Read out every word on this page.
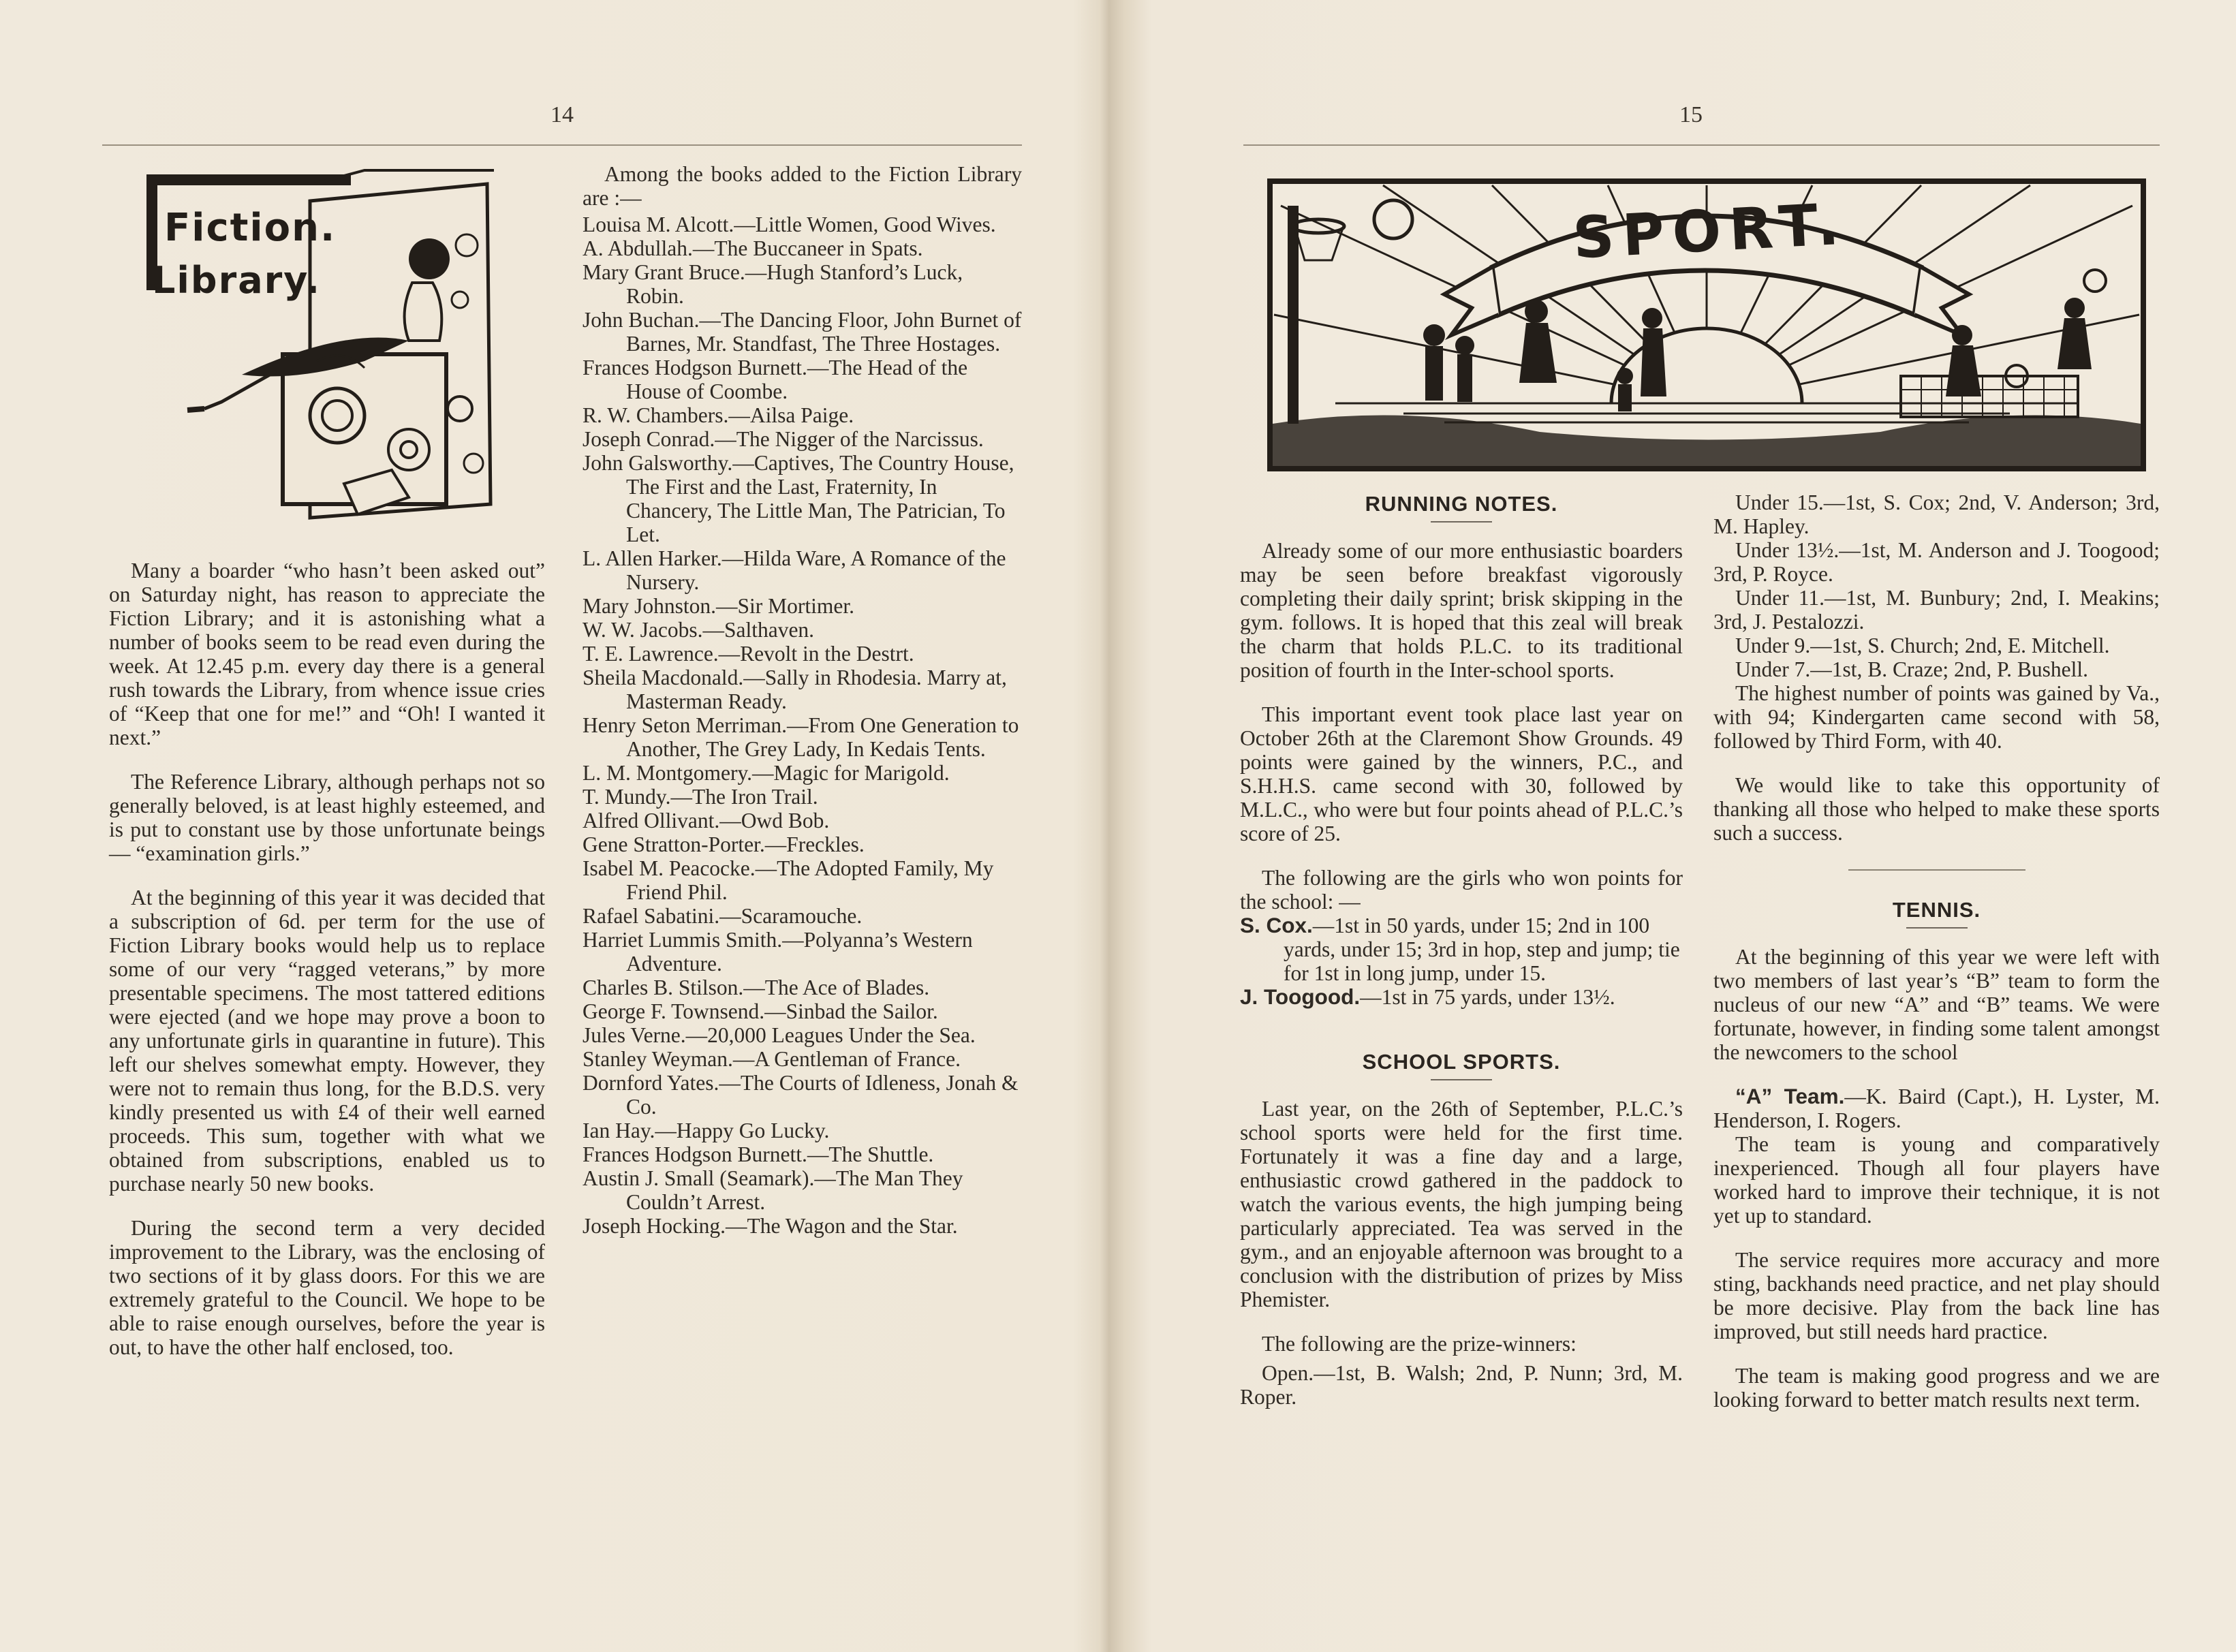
14
Fiction.
Library.

Many a boarder “who hasn’t been asked out” on Saturday night, has reason to appreciate the Fiction Library; and it is astonishing what a number of books seem to be read even during the week. At 12.45 p.m. every day there is a general rush towards the Library, from whence issue cries of “Keep that one for me!” and “Oh! I wanted it next.”

The Reference Library, although perhaps not so generally beloved, is at least highly esteemed, and is put to constant use by those unfortunate beings — “examination girls.”

At the beginning of this year it was decided that a subscription of 6d. per term for the use of Fiction Library books would help us to replace some of our very “ragged veterans,” by more presentable specimens. The most tattered editions were ejected (and we hope may prove a boon to any unfortunate girls in quarantine in future). This left our shelves somewhat empty. However, they were not to remain thus long, for the B.D.S. very kindly presented us with £4 of their well earned proceeds. This sum, together with what we obtained from subscriptions, enabled us to purchase nearly 50 new books.

During the second term a very decided improvement to the Library, was the enclosing of two sections of it by glass doors. For this we are extremely grateful to the Council. We hope to be able to raise enough ourselves, before the year is out, to have the other half enclosed, too.

Among the books added to the Fiction Library are :—

Louisa M. Alcott.—Little Women, Good Wives.
A. Abdullah.—The Buccaneer in Spats.
Mary Grant Bruce.—Hugh Stanford’s Luck, Robin.
John Buchan.—The Dancing Floor, John Burnet of Barnes, Mr. Standfast, The Three Hostages.
Frances Hodgson Burnett.—The Head of the House of Coombe.
R. W. Chambers.—Ailsa Paige.
Joseph Conrad.—The Nigger of the Narcissus.
John Galsworthy.—Captives, The Country House, The First and the Last, Fraternity, In Chancery, The Little Man, The Patrician, To Let.
L. Allen Harker.—Hilda Ware, A Romance of the Nursery.
Mary Johnston.—Sir Mortimer.
W. W. Jacobs.—Salthaven.
T. E. Lawrence.—Revolt in the Destrt.
Sheila Macdonald.—Sally in Rhodesia. Marry at, Masterman Ready.
Henry Seton Merriman.—From One Generation to Another, The Grey Lady, In Kedais Tents.
L. M. Montgomery.—Magic for Marigold.
T. Mundy.—The Iron Trail.
Alfred Ollivant.—Owd Bob.
Gene Stratton-Porter.—Freckles.
Isabel M. Peacocke.—The Adopted Family, My Friend Phil.
Rafael Sabatini.—Scaramouche.
Harriet Lummis Smith.—Polyanna’s Western Adventure.
Charles B. Stilson.—The Ace of Blades.
George F. Townsend.—Sinbad the Sailor.
Jules Verne.—20,000 Leagues Under the Sea.
Stanley Weyman.—A Gentleman of France.
Dornford Yates.—The Courts of Idleness, Jonah & Co.
Ian Hay.—Happy Go Lucky.
Frances Hodgson Burnett.—The Shuttle.
Austin J. Small (Seamark).—The Man They Couldn’t Arrest.
Joseph Hocking.—The Wagon and the Star.
15
SPORT.
RUNNING NOTES.

Already some of our more enthusiastic boarders may be seen before breakfast vigorously completing their daily sprint; brisk skipping in the gym. follows. It is hoped that this zeal will break the charm that holds P.L.C. to its traditional position of fourth in the Inter-school sports.

This important event took place last year on October 26th at the Claremont Show Grounds. 49 points were gained by the winners, P.C., and S.H.H.S. came second with 30, followed by M.L.C., who were but four points ahead of P.L.C.’s score of 25.

The following are the girls who won points for the school: —

S. Cox.—1st in 50 yards, under 15; 2nd in 100 yards, under 15; 3rd in hop, step and jump; tie for 1st in long jump, under 15.
J. Toogood.—1st in 75 yards, under 13½.
SCHOOL SPORTS.

Last year, on the 26th of September, P.L.C.’s school sports were held for the first time. Fortunately it was a fine day and a large, enthusiastic crowd gathered in the paddock to watch the various events, the high jumping being particularly appreciated. Tea was served in the gym., and an enjoyable afternoon was brought to a conclusion with the distribution of prizes by Miss Phemister.

The following are the prize-winners:

Open.—1st, B. Walsh; 2nd, P. Nunn; 3rd, M. Roper.

Under 15.—1st, S. Cox; 2nd, V. Anderson; 3rd, M. Hapley.

Under 13½.—1st, M. Anderson and J. Toogood; 3rd, P. Royce.

Under 11.—1st, M. Bunbury; 2nd, I. Meakins; 3rd, J. Pestalozzi.

Under 9.—1st, S. Church; 2nd, E. Mitchell.

Under 7.—1st, B. Craze; 2nd, P. Bushell.

The highest number of points was gained by Va., with 94; Kindergarten came second with 58, followed by Third Form, with 40.

We would like to take this opportunity of thanking all those who helped to make these sports such a success.

TENNIS.

At the beginning of this year we were left with two members of last year’s “B” team to form the nucleus of our new “A” and “B” teams. We were fortunate, however, in finding some talent amongst the newcomers to the school

“A” Team.—K. Baird (Capt.), H. Lyster, M. Henderson, I. Rogers.

The team is young and comparatively inexperienced. Though all four players have worked hard to improve their technique, it is not yet up to standard.

The service requires more accuracy and more sting, backhands need practice, and net play should be more decisive. Play from the back line has improved, but still needs hard practice.

The team is making good progress and we are looking forward to better match results next term.
